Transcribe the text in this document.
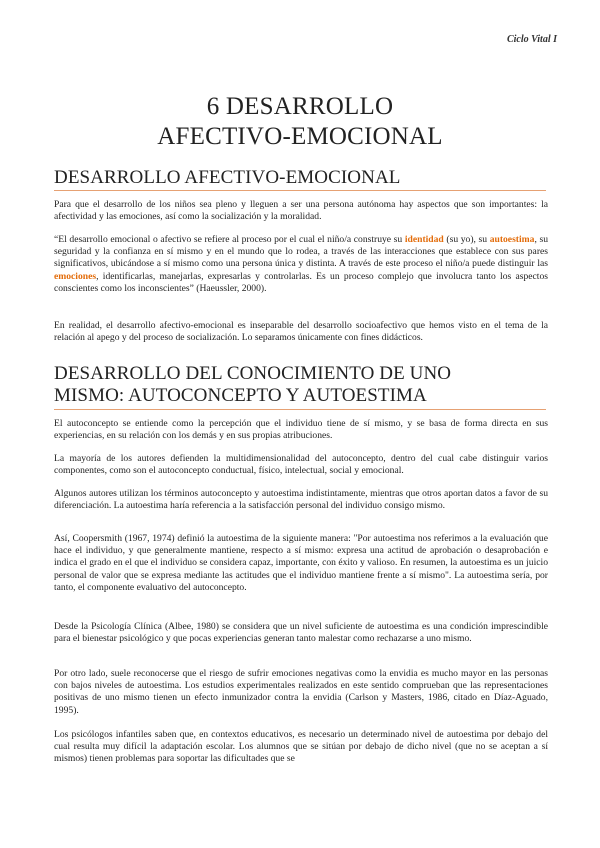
Ciclo Vital I
6 DESARROLLO
AFECTIVO-EMOCIONAL
DESARROLLO AFECTIVO-EMOCIONAL

Para que el desarrollo de los niños sea pleno y lleguen a ser una persona autónoma hay aspectos que son importantes: la afectividad y las emociones, así como la socialización y la moralidad.

“El desarrollo emocional o afectivo se refiere al proceso por el cual el niño/a construye su identidad (su yo), su autoestima, su seguridad y la confianza en sí mismo y en el mundo que lo rodea, a través de las interacciones que establece con sus pares significativos, ubicándose a sí mismo como una persona única y distinta. A través de este proceso el niño/a puede distinguir las emociones, identificarlas, manejarlas, expresarlas y controlarlas. Es un proceso complejo que involucra tanto los aspectos conscientes como los inconscientes” (Haeussler, 2000).

En realidad, el desarrollo afectivo-emocional es inseparable del desarrollo socioafectivo que hemos visto en el tema de la relación al apego y del proceso de socialización. Lo separamos únicamente con fines didácticos.

DESARROLLO DEL CONOCIMIENTO DE UNO
MISMO: AUTOCONCEPTO Y AUTOESTIMA

El autoconcepto se entiende como la percepción que el individuo tiene de sí mismo, y se basa de forma directa en sus experiencias, en su relación con los demás y en sus propias atribuciones.

La mayoría de los autores defienden la multidimensionalidad del autoconcepto, dentro del cual cabe distinguir varios componentes, como son el autoconcepto conductual, físico, intelectual, social y emocional.

Algunos autores utilizan los términos autoconcepto y autoestima indistintamente, mientras que otros aportan datos a favor de su diferenciación. La autoestima haría referencia a la satisfacción personal del individuo consigo mismo.

Así, Coopersmith (1967, 1974) definió la autoestima de la siguiente manera: "Por autoestima nos referimos a la evaluación que hace el individuo, y que generalmente mantiene, respecto a sí mismo: expresa una actitud de aprobación o desaprobación e indica el grado en el que el individuo se considera capaz, importante, con éxito y valioso. En resumen, la autoestima es un juicio personal de valor que se expresa mediante las actitudes que el individuo mantiene frente a sí mismo". La autoestima sería, por tanto, el componente evaluativo del autoconcepto.

Desde la Psicología Clínica (Albee, 1980) se considera que un nivel suficiente de autoestima es una condición imprescindible para el bienestar psicológico y que pocas experiencias generan tanto malestar como rechazarse a uno mismo.

Por otro lado, suele reconocerse que el riesgo de sufrir emociones negativas como la envidia es mucho mayor en las personas con bajos niveles de autoestima. Los estudios experimentales realizados en este sentido comprueban que las representaciones positivas de uno mismo tienen un efecto inmunizador contra la envidia (Carlson y Masters, 1986, citado en Díaz-Aguado, 1995).

Los psicólogos infantiles saben que, en contextos educativos, es necesario un determinado nivel de autoestima por debajo del cual resulta muy difícil la adaptación escolar. Los alumnos que se sitúan por debajo de dicho nivel (que no se aceptan a sí mismos) tienen problemas para soportar las dificultades que se
